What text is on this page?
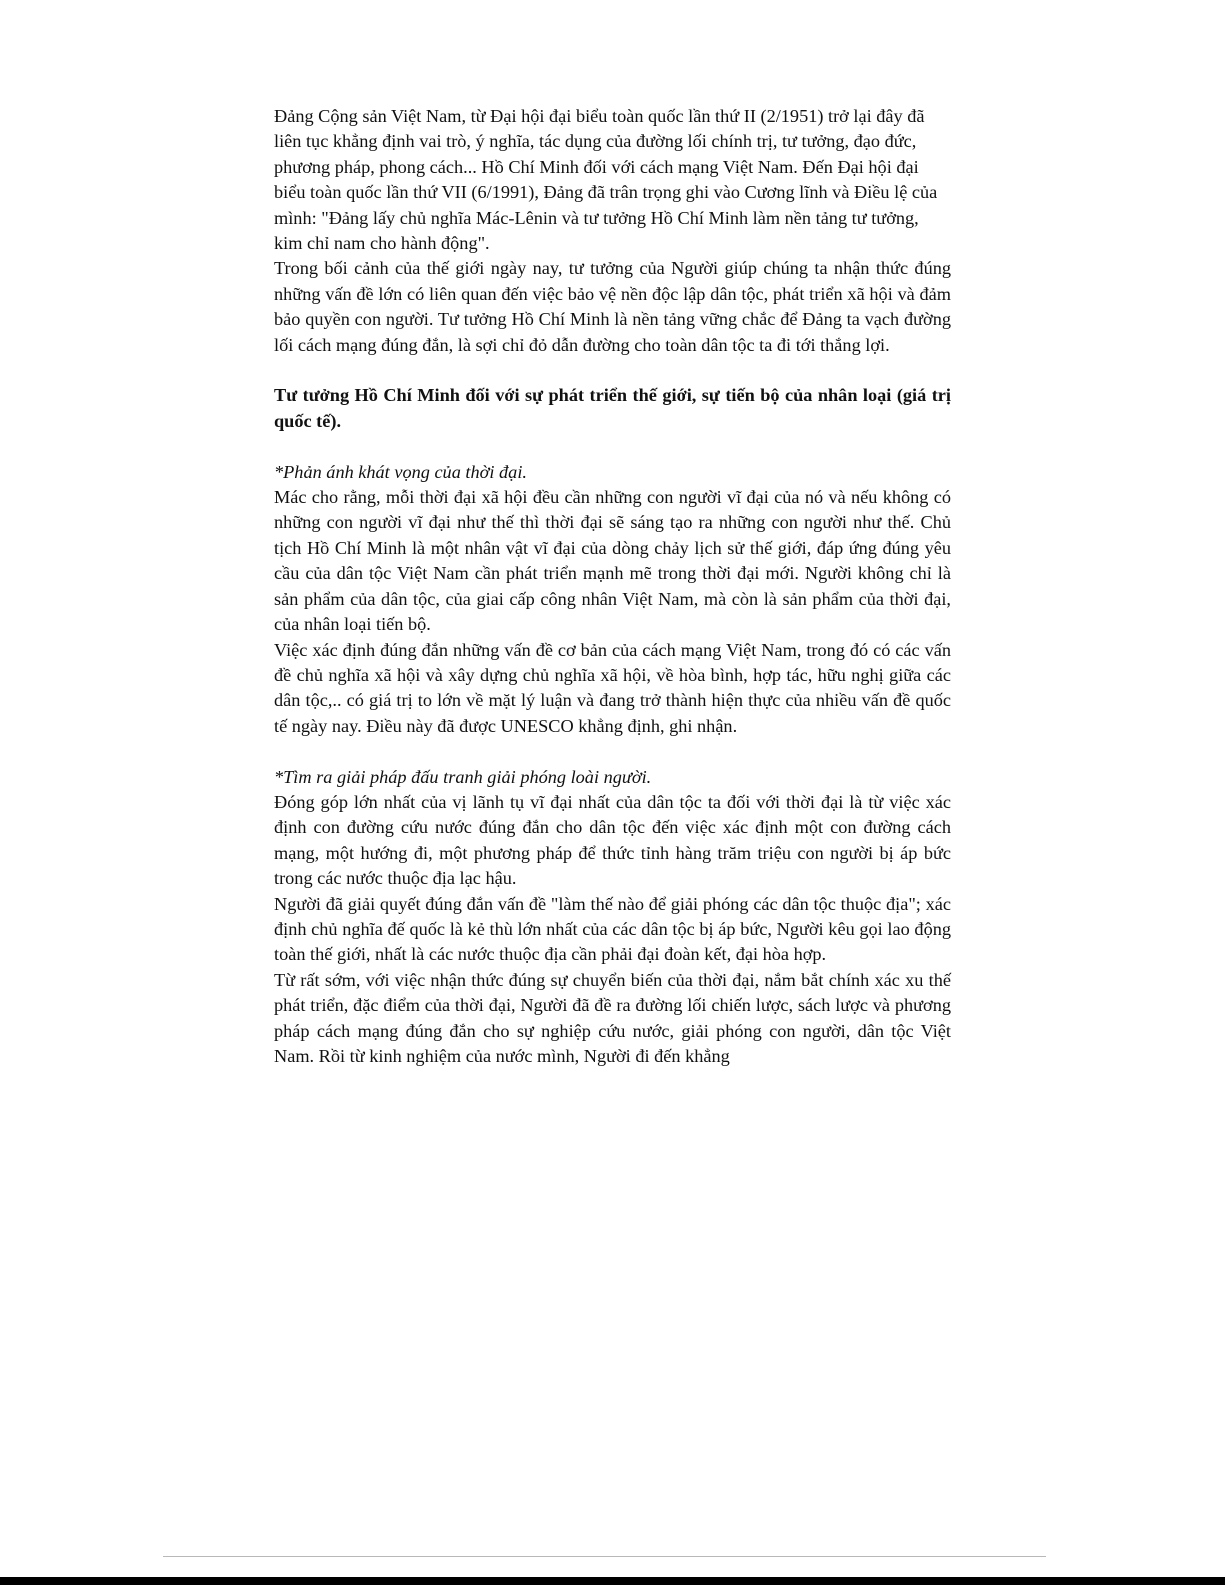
Đảng Cộng sản Việt Nam, từ Đại hội đại biểu toàn quốc lần thứ II (2/1951) trở lại đây đã liên tục khẳng định vai trò, ý nghĩa, tác dụng của đường lối chính trị, tư tưởng, đạo đức, phương pháp, phong cách... Hồ Chí Minh đối với cách mạng Việt Nam. Đến Đại hội đại biểu toàn quốc lần thứ VII (6/1991), Đảng đã trân trọng ghi vào Cương lĩnh và Điều lệ của mình: "Đảng lấy chủ nghĩa Mác-Lênin và tư tưởng Hồ Chí Minh làm nền tảng tư tưởng, kim chỉ nam cho hành động".

Trong bối cảnh của thế giới ngày nay, tư tưởng của Người giúp chúng ta nhận thức đúng những vấn đề lớn có liên quan đến việc bảo vệ nền độc lập dân tộc, phát triển xã hội và đảm bảo quyền con người. Tư tưởng Hồ Chí Minh là nền tảng vững chắc để Đảng ta vạch đường lối cách mạng đúng đắn, là sợi chỉ đỏ dẫn đường cho toàn dân tộc ta đi tới thắng lợi.

Tư tưởng Hồ Chí Minh đối với sự phát triển thế giới, sự tiến bộ của nhân loại (giá trị quốc tế).

*Phản ánh khát vọng của thời đại.

Mác cho rằng, mỗi thời đại xã hội đều cần những con người vĩ đại của nó và nếu không có những con người vĩ đại như thế thì thời đại sẽ sáng tạo ra những con người như thế. Chủ tịch Hồ Chí Minh là một nhân vật vĩ đại của dòng chảy lịch sử thế giới, đáp ứng đúng yêu cầu của dân tộc Việt Nam cần phát triển mạnh mẽ trong thời đại mới. Người không chỉ là sản phẩm của dân tộc, của giai cấp công nhân Việt Nam, mà còn là sản phẩm của thời đại, của nhân loại tiến bộ.

Việc xác định đúng đắn những vấn đề cơ bản của cách mạng Việt Nam, trong đó có các vấn đề chủ nghĩa xã hội và xây dựng chủ nghĩa xã hội, về hòa bình, hợp tác, hữu nghị giữa các dân tộc,.. có giá trị to lớn về mặt lý luận và đang trở thành hiện thực của nhiều vấn đề quốc tế ngày nay. Điều này đã được UNESCO khẳng định, ghi nhận.

*Tìm ra giải pháp đấu tranh giải phóng loài người.

Đóng góp lớn nhất của vị lãnh tụ vĩ đại nhất của dân tộc ta đối với thời đại là từ việc xác định con đường cứu nước đúng đắn cho dân tộc đến việc xác định một con đường cách mạng, một hướng đi, một phương pháp để thức tỉnh hàng trăm triệu con người bị áp bức trong các nước thuộc địa lạc hậu.

Người đã giải quyết đúng đắn vấn đề "làm thế nào để giải phóng các dân tộc thuộc địa"; xác định chủ nghĩa đế quốc là kẻ thù lớn nhất của các dân tộc bị áp bức, Người kêu gọi lao động toàn thế giới, nhất là các nước thuộc địa cần phải đại đoàn kết, đại hòa hợp.

Từ rất sớm, với việc nhận thức đúng sự chuyển biến của thời đại, nắm bắt chính xác xu thế phát triển, đặc điểm của thời đại, Người đã đề ra đường lối chiến lược, sách lược và phương pháp cách mạng đúng đắn cho sự nghiệp cứu nước, giải phóng con người, dân tộc Việt Nam. Rồi từ kinh nghiệm của nước mình, Người đi đến khẳng
